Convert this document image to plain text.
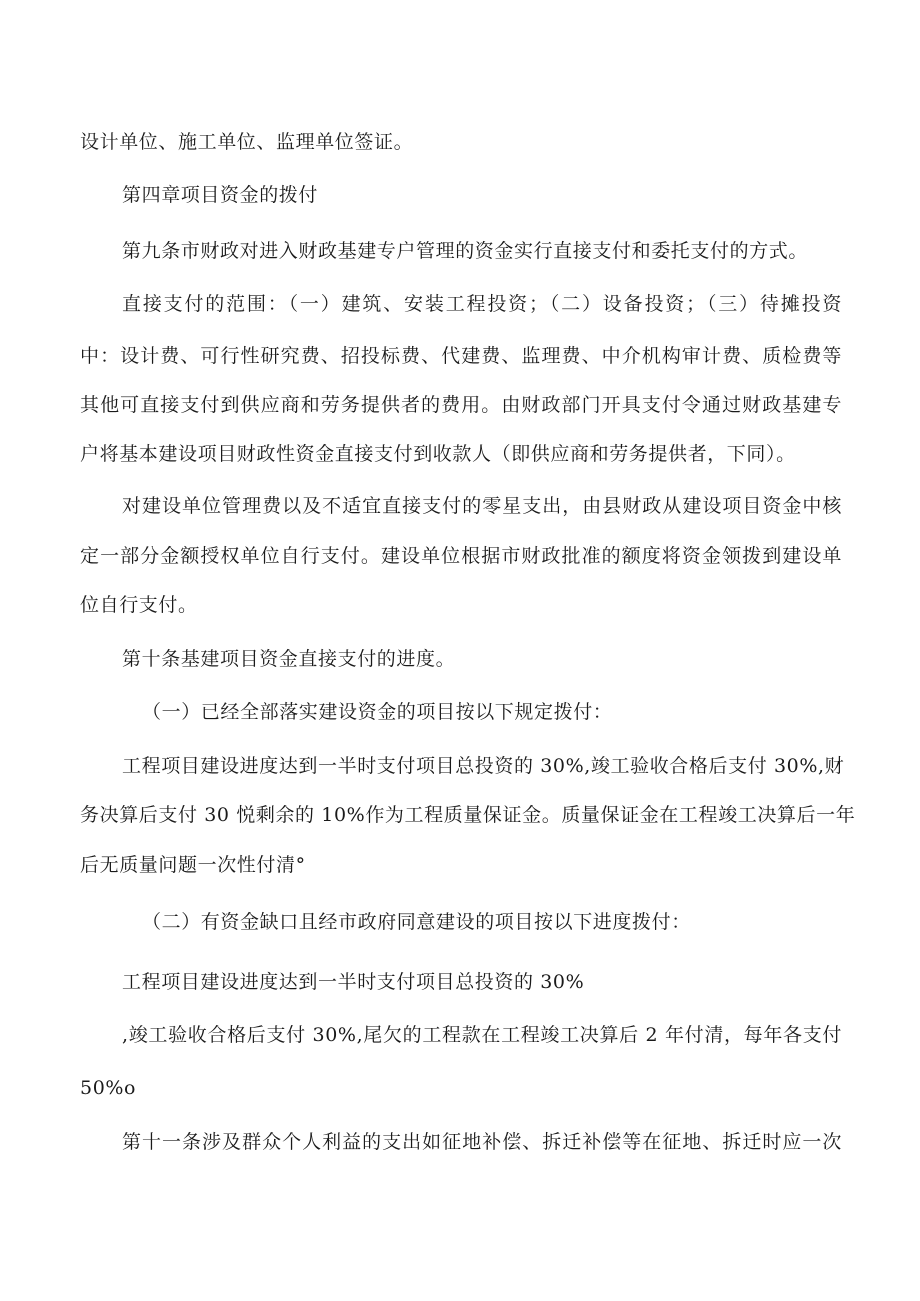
设计单位、施工单位、监理单位签证。
第四章项目资金的拨付
第九条市财政对进入财政基建专户管理的资金实行直接支付和委托支付的方式。
直接支付的范围：（一）建筑、安装工程投资；（二）设备投资；（三）待摊投资
中：设计费、可行性研究费、招投标费、代建费、监理费、中介机构审计费、质检费等
其他可直接支付到供应商和劳务提供者的费用。由财政部门开具支付令通过财政基建专
户将基本建设项目财政性资金直接支付到收款人（即供应商和劳务提供者，下同）。
对建设单位管理费以及不适宜直接支付的零星支出，由县财政从建设项目资金中核
定一部分金额授权单位自行支付。建设单位根据市财政批准的额度将资金领拨到建设单
位自行支付。
第十条基建项目资金直接支付的进度。
（一）已经全部落实建设资金的项目按以下规定拨付：
工程项目建设进度达到一半时支付项目总投资的 30%,竣工验收合格后支付 30%,财
务决算后支付 30 悦剩余的 10%作为工程质量保证金。质量保证金在工程竣工决算后一年
后无质量问题一次性付清°
（二）有资金缺口且经市政府同意建设的项目按以下进度拨付：
工程项目建设进度达到一半时支付项目总投资的 30%
,竣工验收合格后支付 30%,尾欠的工程款在工程竣工决算后 2 年付清，每年各支付
50%o
第十一条涉及群众个人利益的支出如征地补偿、拆迁补偿等在征地、拆迁时应一次
